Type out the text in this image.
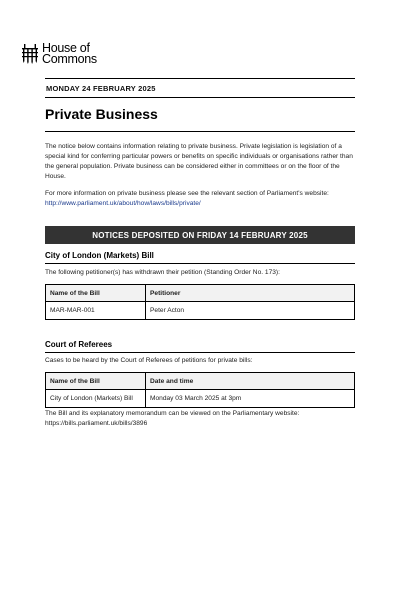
House of
Commons
MONDAY 24 FEBRUARY 2025
Private Business
The notice below contains information relating to private business. Private legislation is legislation of a special kind for conferring particular powers or benefits on specific individuals or organisations rather than the general population. Private business can be considered either in committees or on the floor of the House.
For more information on private business please see the relevant section of Parliament's website: http://www.parliament.uk/about/how/laws/bills/private/
NOTICES DEPOSITED ON FRIDAY 14 FEBRUARY 2025
City of London (Markets) Bill
The following petitioner(s) has withdrawn their petition (Standing Order No. 173):
Name of the Bill	Petitioner
MAR-MAR-001	Peter Acton
Court of Referees
Cases to be heard by the Court of Referees of petitions for private bills:
Name of the Bill	Date and time
City of London (Markets) Bill	Monday 03 March 2025 at 3pm
The Bill and its explanatory memorandum can be viewed on the Parliamentary website: https://bills.parliament.uk/bills/3896
